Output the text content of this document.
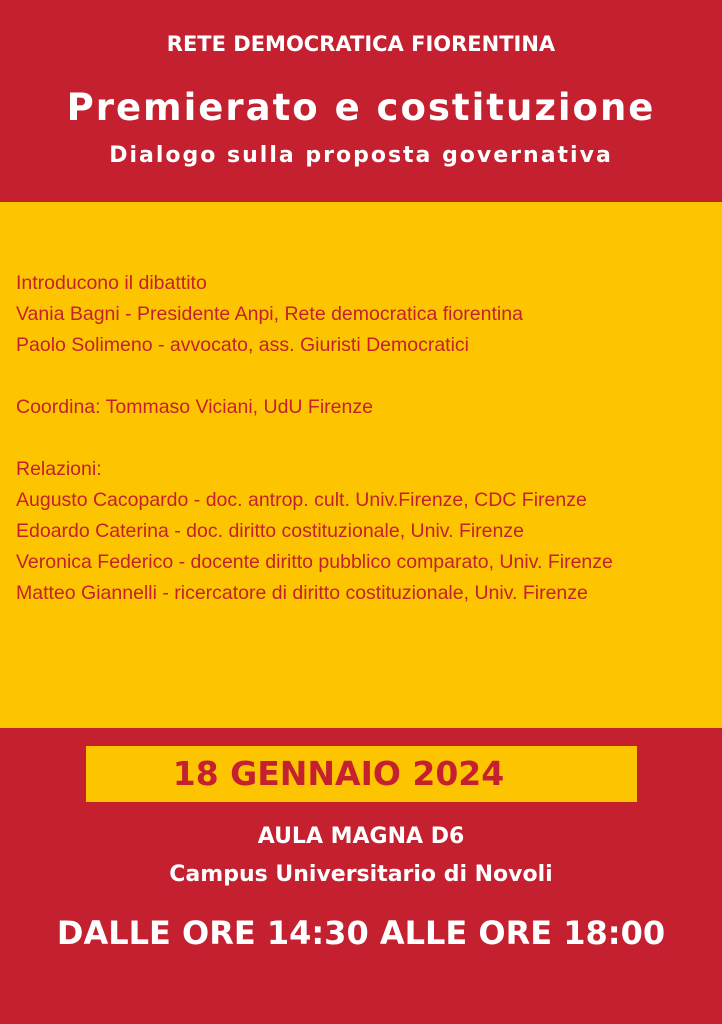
RETE DEMOCRATICA FIORENTINA
Premierato e costituzione
Dialogo sulla proposta governativa
Introducono il dibattito
Vania Bagni - Presidente Anpi, Rete democratica fiorentina
Paolo Solimeno - avvocato, ass. Giuristi Democratici
Coordina: Tommaso Viciani, UdU Firenze
Relazioni:
Augusto Cacopardo - doc. antrop. cult. Univ.Firenze, CDC Firenze
Edoardo Caterina - doc. diritto costituzionale, Univ. Firenze
Veronica Federico - docente diritto pubblico comparato, Univ. Firenze
Matteo Giannelli - ricercatore di diritto costituzionale, Univ. Firenze
18 GENNAIO 2024
AULA MAGNA D6
Campus Universitario di Novoli
DALLE ORE 14:30 ALLE ORE 18:00
